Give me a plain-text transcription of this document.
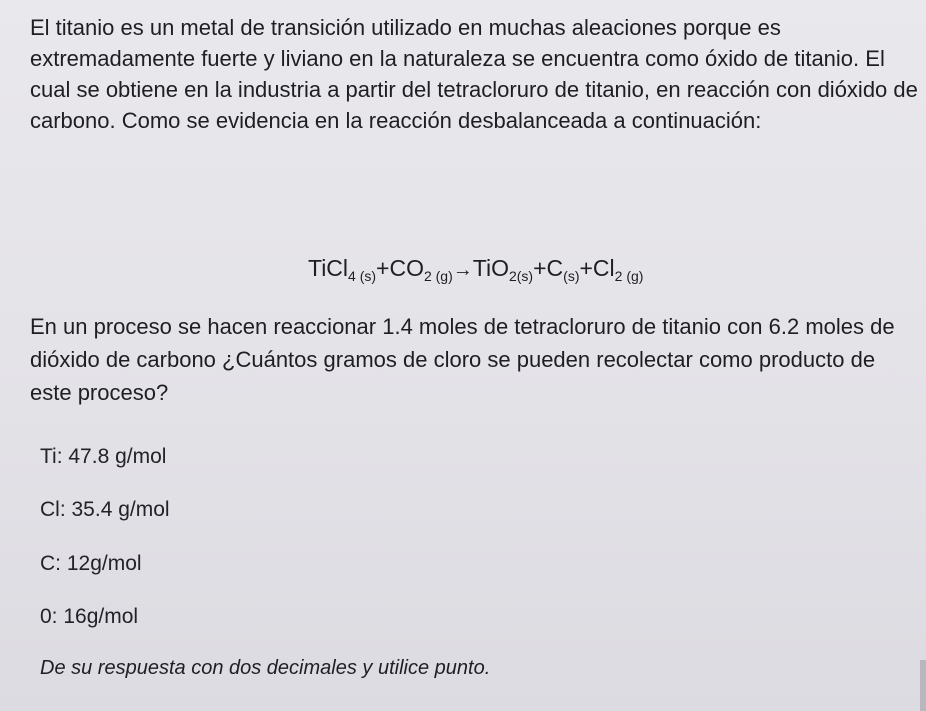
El titanio es un metal de transición utilizado en muchas aleaciones porque es extremadamente fuerte y liviano en la naturaleza se encuentra como óxido de titanio. El cual se obtiene en la industria a partir del tetracloruro de titanio, en reacción con dióxido de carbono. Como se evidencia en la reacción desbalanceada a continuación:
$TiCl_{4 (s)}+CO_{2 (g)}\to TiO_{2(s)}+C_{(s)}+Cl_{2 (g)}$
En un proceso se hacen reaccionar 1.4 moles de tetracloruro de titanio con 6.2 moles de dióxido de carbono ¿Cuántos gramos de cloro se pueden recolectar como producto de este proceso?
Ti: 47.8 g/mol
Cl: 35.4 g/mol
C: 12g/mol
0: 16g/mol
De su respuesta con dos decimales y utilice punto.
